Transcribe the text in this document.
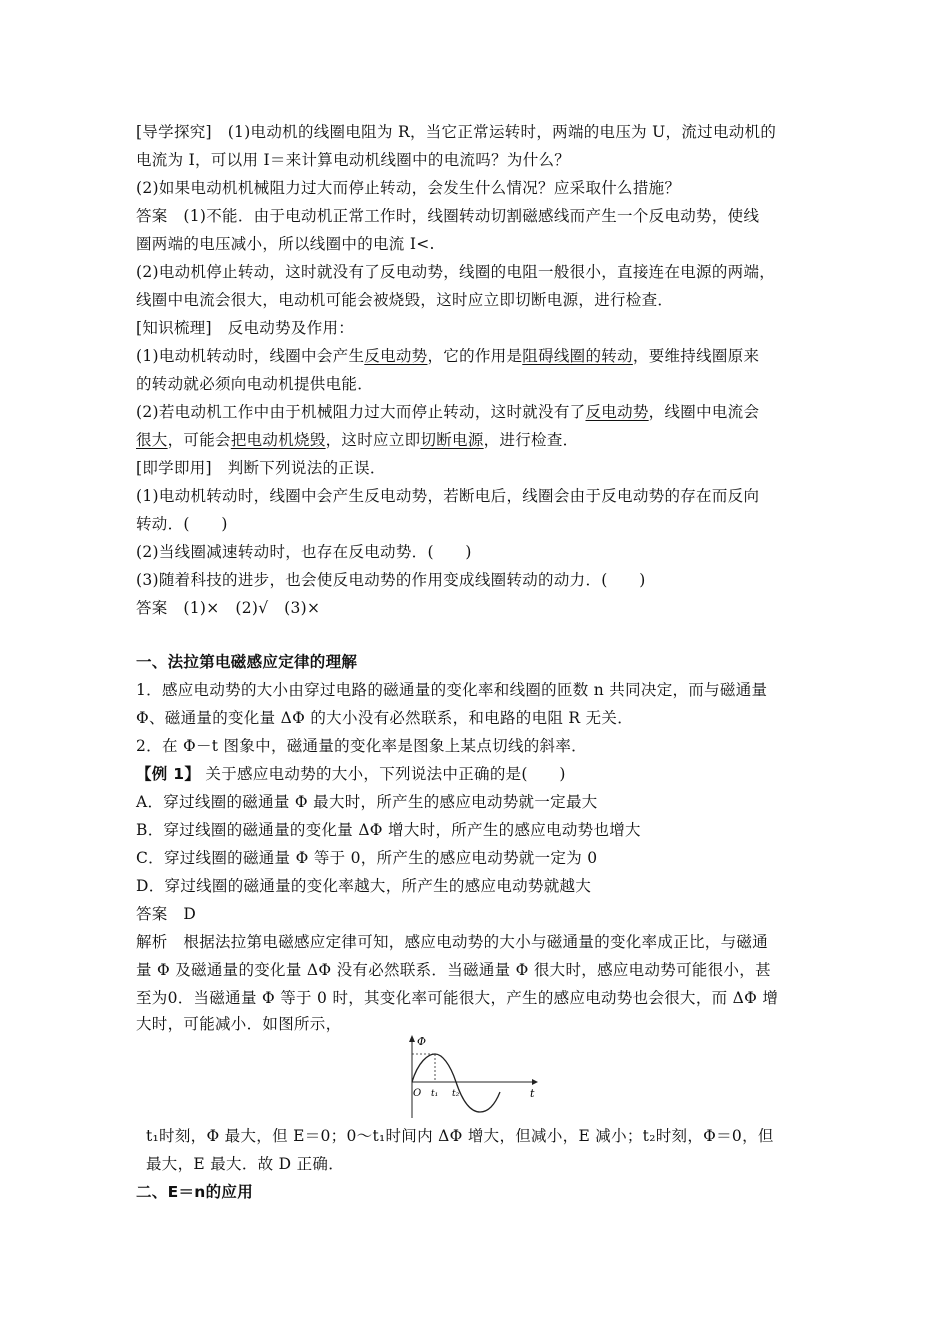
[导学探究]　(1)电动机的线圈电阻为 R，当它正常运转时，两端的电压为 U，流过电动机的
电流为 I，可以用 I＝来计算电动机线圈中的电流吗？为什么？
(2)如果电动机机械阻力过大而停止转动，会发生什么情况？应采取什么措施？
答案　(1)不能．由于电动机正常工作时，线圈转动切割磁感线而产生一个反电动势，使线
圈两端的电压减小，所以线圈中的电流 I<.
(2)电动机停止转动，这时就没有了反电动势，线圈的电阻一般很小，直接连在电源的两端，
线圈中电流会很大，电动机可能会被烧毁，这时应立即切断电源，进行检查．
[知识梳理]　反电动势及作用：
(1)电动机转动时，线圈中会产生反电动势，它的作用是阻碍线圈的转动，要维持线圈原来
的转动就必须向电动机提供电能．
(2)若电动机工作中由于机械阻力过大而停止转动，这时就没有了反电动势，线圈中电流会
很大，可能会把电动机烧毁，这时应立即切断电源，进行检查．
[即学即用]　判断下列说法的正误．
(1)电动机转动时，线圈中会产生反电动势，若断电后，线圈会由于反电动势的存在而反向
转动．(　　)
(2)当线圈减速转动时，也存在反电动势．(　　)
(3)随着科技的进步，也会使反电动势的作用变成线圈转动的动力．(　　)
答案　(1)×　(2)√　(3)×
一、法拉第电磁感应定律的理解
1．感应电动势的大小由穿过电路的磁通量的变化率和线圈的匝数 n 共同决定，而与磁通量
Φ、磁通量的变化量 ΔΦ 的大小没有必然联系，和电路的电阻 R 无关．
2．在 Φ－t 图象中，磁通量的变化率是图象上某点切线的斜率．
【例 1】 关于感应电动势的大小，下列说法中正确的是(　　)
A．穿过线圈的磁通量 Φ 最大时，所产生的感应电动势就一定最大
B．穿过线圈的磁通量的变化量 ΔΦ 增大时，所产生的感应电动势也增大
C．穿过线圈的磁通量 Φ 等于 0，所产生的感应电动势就一定为 0
D．穿过线圈的磁通量的变化率越大，所产生的感应电动势就越大
答案　D
解析　根据法拉第电磁感应定律可知，感应电动势的大小与磁通量的变化率成正比，与磁通
量 Φ 及磁通量的变化量 ΔΦ 没有必然联系．当磁通量 Φ 很大时，感应电动势可能很小，甚
至为0．当磁通量 Φ 等于 0 时，其变化率可能很大，产生的感应电动势也会很大，而 ΔΦ 增
大时，可能减小．如图所示，
Φ
t
O t₁ t₂
t₁时刻，Φ 最大，但 E＝0；0～t₁时间内 ΔΦ 增大，但减小，E 减小；t₂时刻，Φ＝0，但
最大，E 最大．故 D 正确．
二、E＝n的应用
